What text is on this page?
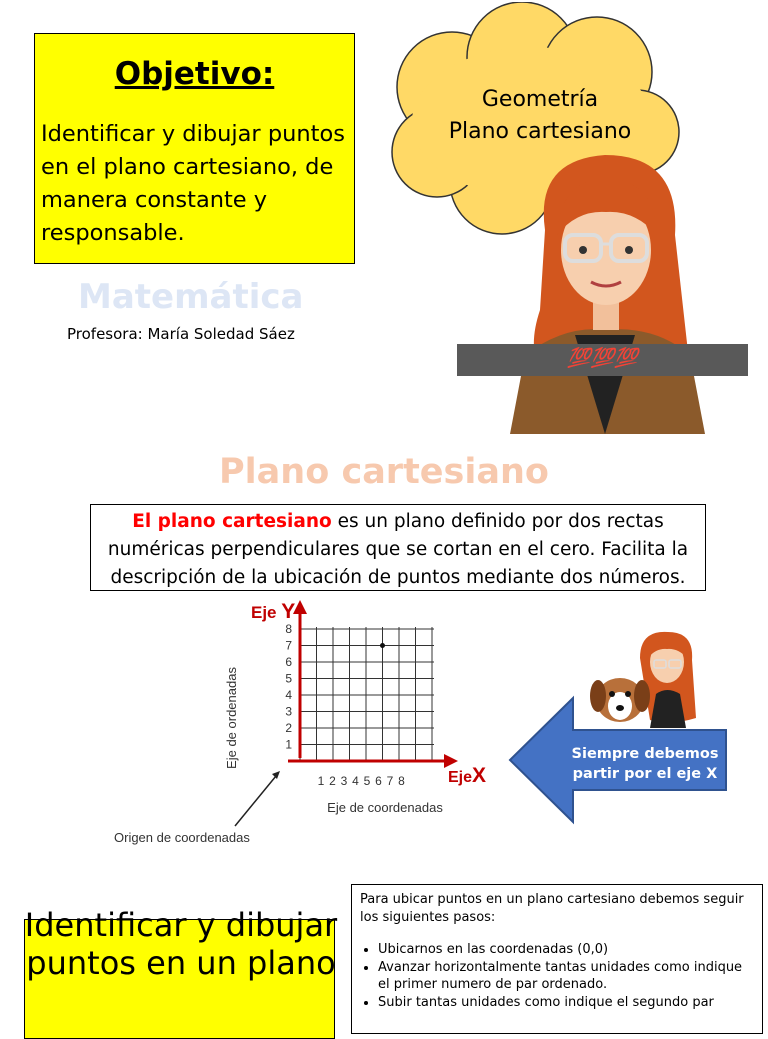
Objetivo:
Identificar y dibujar puntos en el plano cartesiano, de manera constante y responsable.
Matemática
Profesora: María Soledad Sáez
Geometría
Plano cartesiano
💯💯💯
Plano cartesiano
El plano cartesiano es un plano definido por dos rectas numéricas perpendiculares que se cortan en el cero. Facilita la descripción de la ubicación de puntos mediante dos números.
Eje Y
EjeX
1
2
3
4
5
6
7
8
1 2 3 4 5 6 7 8
Eje de ordenadas
Eje de coordenadas
Origen de coordenadas
Siempre debemos partir por el eje X
Identificar y dibujar puntos en un plano
Para ubicar puntos en un plano cartesiano debemos seguir los siguientes pasos:
• Ubicarnos en las coordenadas (0,0)
• Avanzar horizontalmente tantas unidades como indique el primer numero de par ordenado.
• Subir tantas unidades como indique el segundo par
